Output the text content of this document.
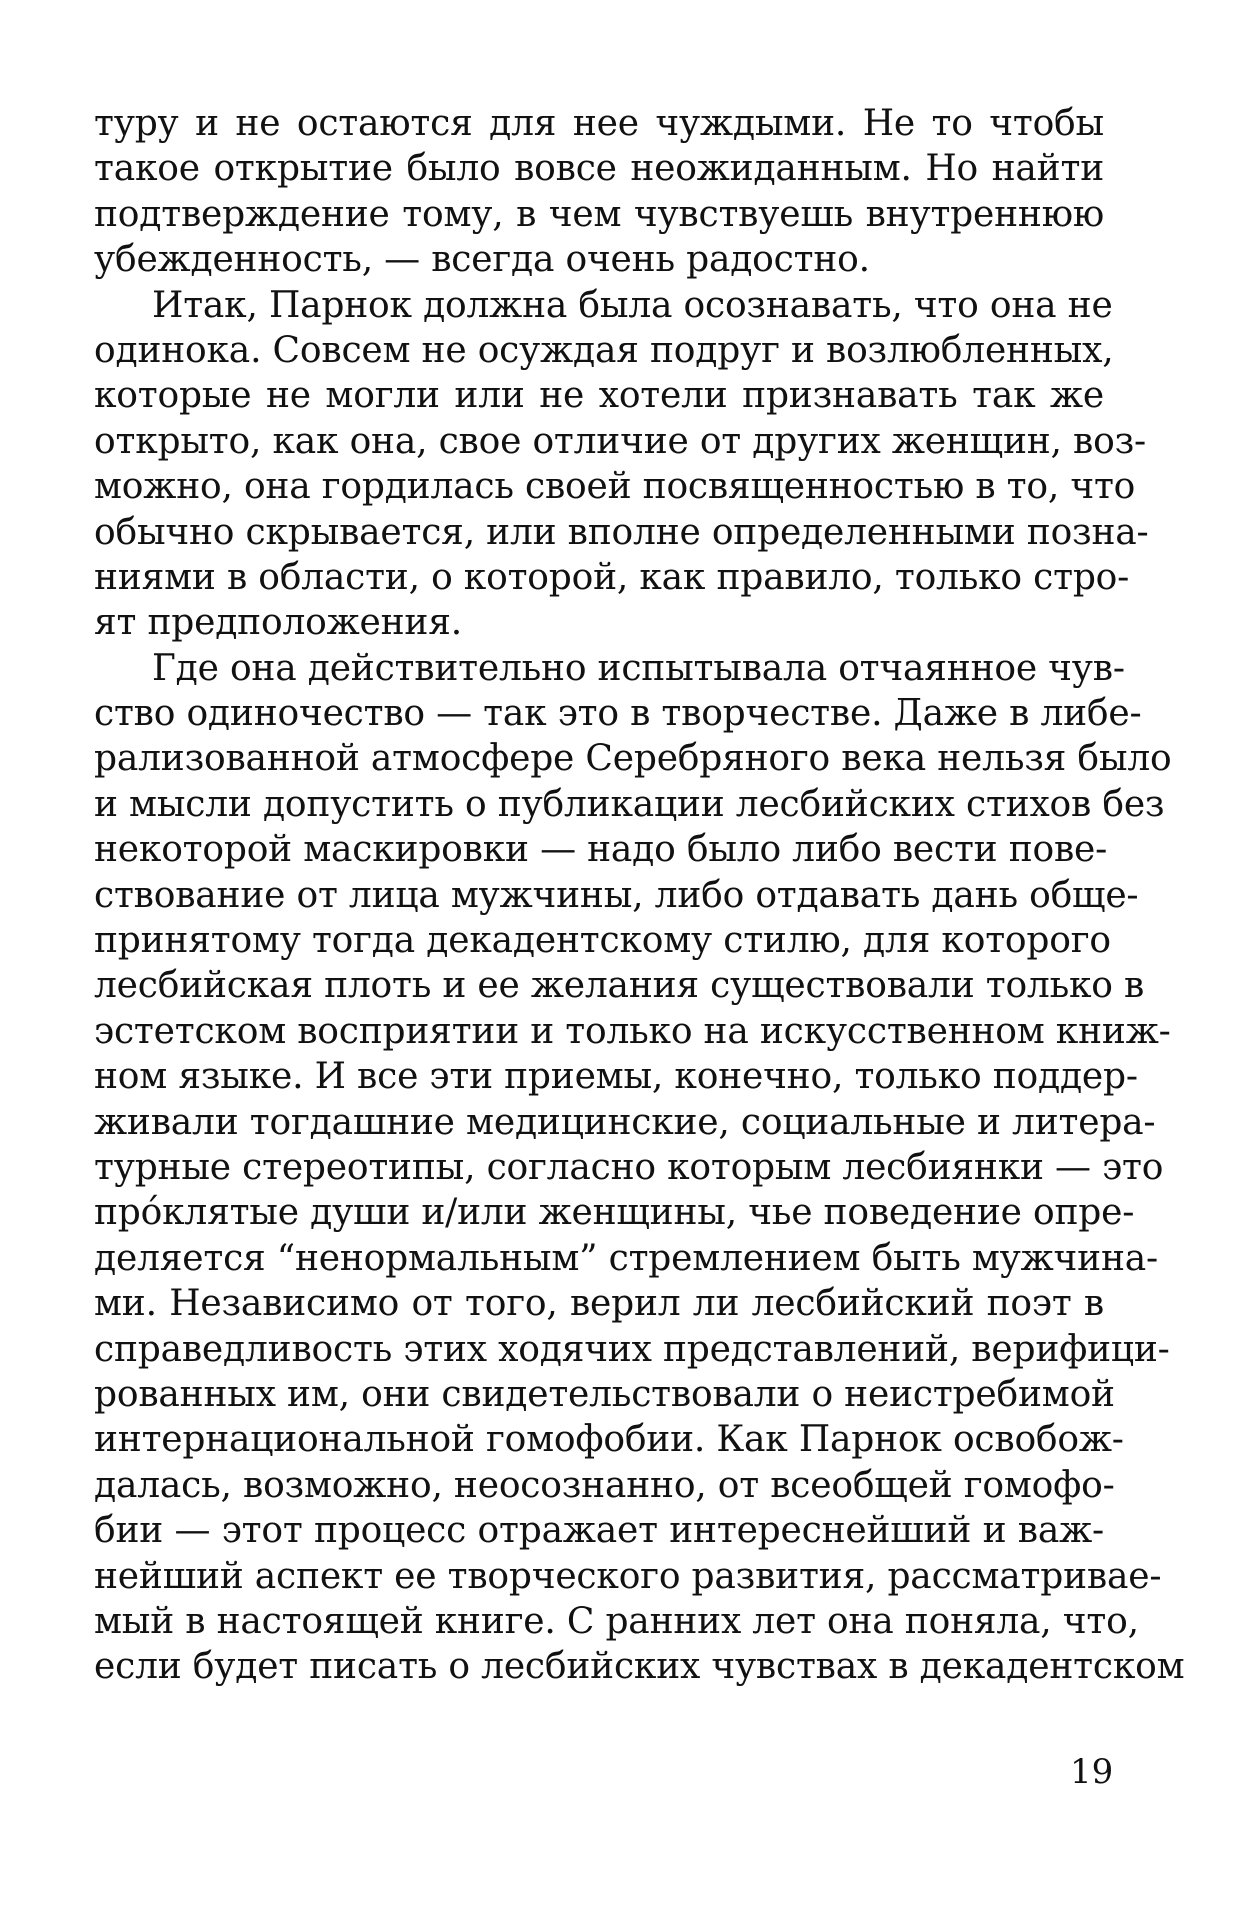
туру и не остаются для нее чуждыми. Не то чтобы
такое открытие было вовсе неожиданным. Но найти
подтверждение тому, в чем чувствуешь внутреннюю
убежденность, — всегда очень радостно.
Итак, Парнок должна была осознавать, что она не
одинока. Совсем не осуждая подруг и возлюбленных,
которые не могли или не хотели признавать так же
открыто, как она, свое отличие от других женщин, воз-
можно, она гордилась своей посвященностью в то, что
обычно скрывается, или вполне определенными позна-
ниями в области, о которой, как правило, только стро-
ят предположения.
Где она действительно испытывала отчаянное чув-
ство одиночество — так это в творчестве. Даже в либе-
рализованной атмосфере Серебряного века нельзя было
и мысли допустить о публикации лесбийских стихов без
некоторой маскировки — надо было либо вести пове-
ствование от лица мужчины, либо отдавать дань обще-
принятому тогда декадентскому стилю, для которого
лесбийская плоть и ее желания существовали только в
эстетском восприятии и только на искусственном книж-
ном языке. И все эти приемы, конечно, только поддер-
живали тогдашние медицинские, социальные и литера-
турные стереотипы, согласно которым лесбиянки — это
прóклятые души и/или женщины, чье поведение опре-
деляется “ненормальным” стремлением быть мужчина-
ми. Независимо от того, верил ли лесбийский поэт в
справедливость этих ходячих представлений, верифици-
рованных им, они свидетельствовали о неистребимой
интернациональной гомофобии. Как Парнок освобож-
далась, возможно, неосознанно, от всеобщей гомофо-
бии — этот процесс отражает интереснейший и важ-
нейший аспект ее творческого развития, рассматривае-
мый в настоящей книге. С ранних лет она поняла, что,
если будет писать о лесбийских чувствах в декадентском
19
